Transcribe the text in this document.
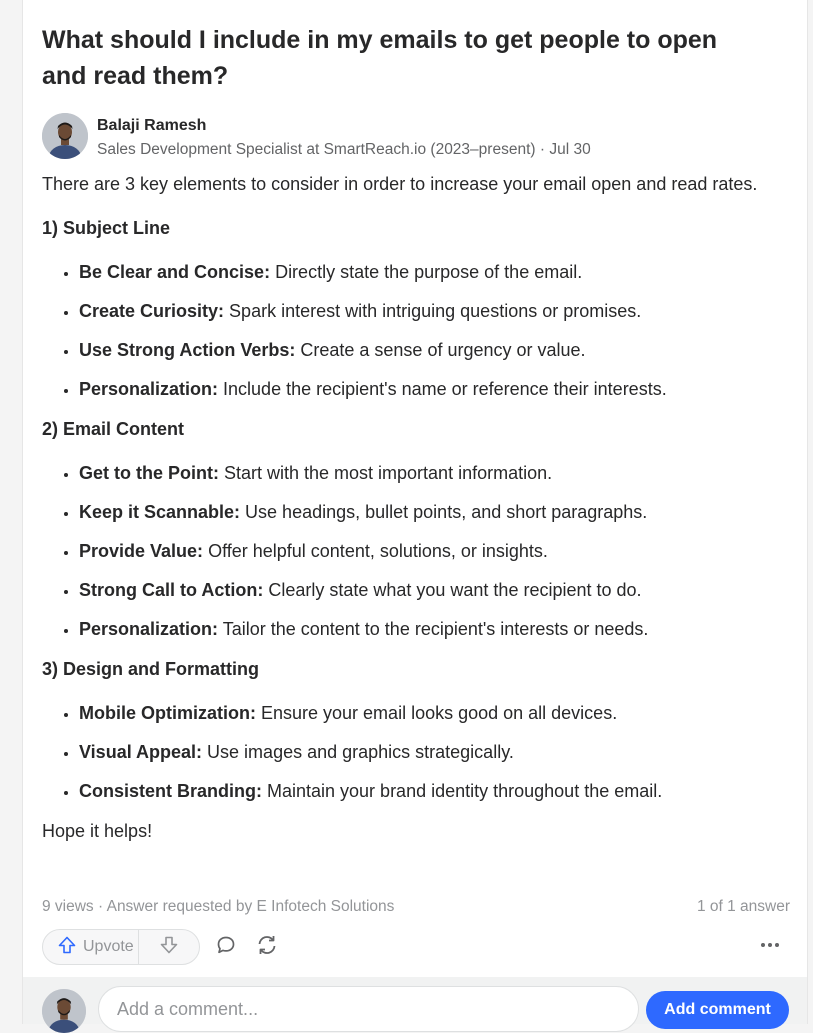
What should I include in my emails to get people to open and read them?
Balaji Ramesh
Sales Development Specialist at SmartReach.io (2023–present) · Jul 30

There are 3 key elements to consider in order to increase your email open and read rates.

1) Subject Line

• Be Clear and Concise: Directly state the purpose of the email.
• Create Curiosity: Spark interest with intriguing questions or promises.
• Use Strong Action Verbs: Create a sense of urgency or value.
• Personalization: Include the recipient's name or reference their interests.

2) Email Content

• Get to the Point: Start with the most important information.
• Keep it Scannable: Use headings, bullet points, and short paragraphs.
• Provide Value: Offer helpful content, solutions, or insights.
• Strong Call to Action: Clearly state what you want the recipient to do.
• Personalization: Tailor the content to the recipient's interests or needs.

3) Design and Formatting

• Mobile Optimization: Ensure your email looks good on all devices.
• Visual Appeal: Use images and graphics strategically.
• Consistent Branding: Maintain your brand identity throughout the email.

Hope it helps!

9 views · Answer requested by E Infotech Solutions	1 of 1 answer
Upvote
Add a comment...
Add comment
